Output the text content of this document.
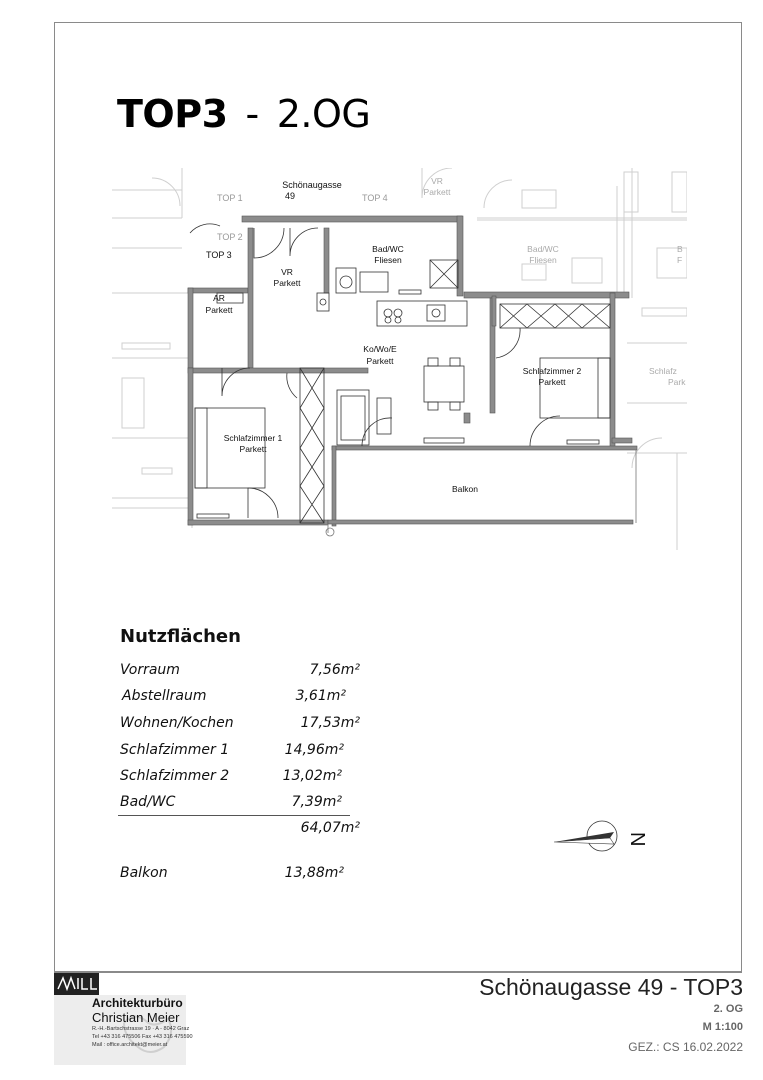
TOP3 - 2.OG
Schönaugasse
49
TOP 1
TOP 2
TOP 4
TOP 3
VR
Parkett
Bad/WC
Fliesen
AR
Parkett
Ko/Wo/E
Parkett
Schlafzimmer 2
Parkett
Schlafzimmer 1
Parkett
Balkon
VR
Parkett
Bad/WC
Fliesen
Schlafz
Park
B
F
Nutzflächen
Vorraum	7,56m²
Abstellraum	3,61m²
Wohnen/Kochen	17,53m²
Schlafzimmer 1	14,96m²
Schlafzimmer 2	13,02m²
Bad/WC	7,39m²
64,07m²
Balkon	13,88m²
N
Architekturbüro
Christian Meier
R.-H.-Bartschstrasse 19 · A - 8042 Graz
Tel +43 316 475506 Fax +43 316 475590
Mail : office.architekt@meier.at
Schönaugasse 49 - TOP3
2. OG
M 1:100
GEZ.: CS 16.02.2022
